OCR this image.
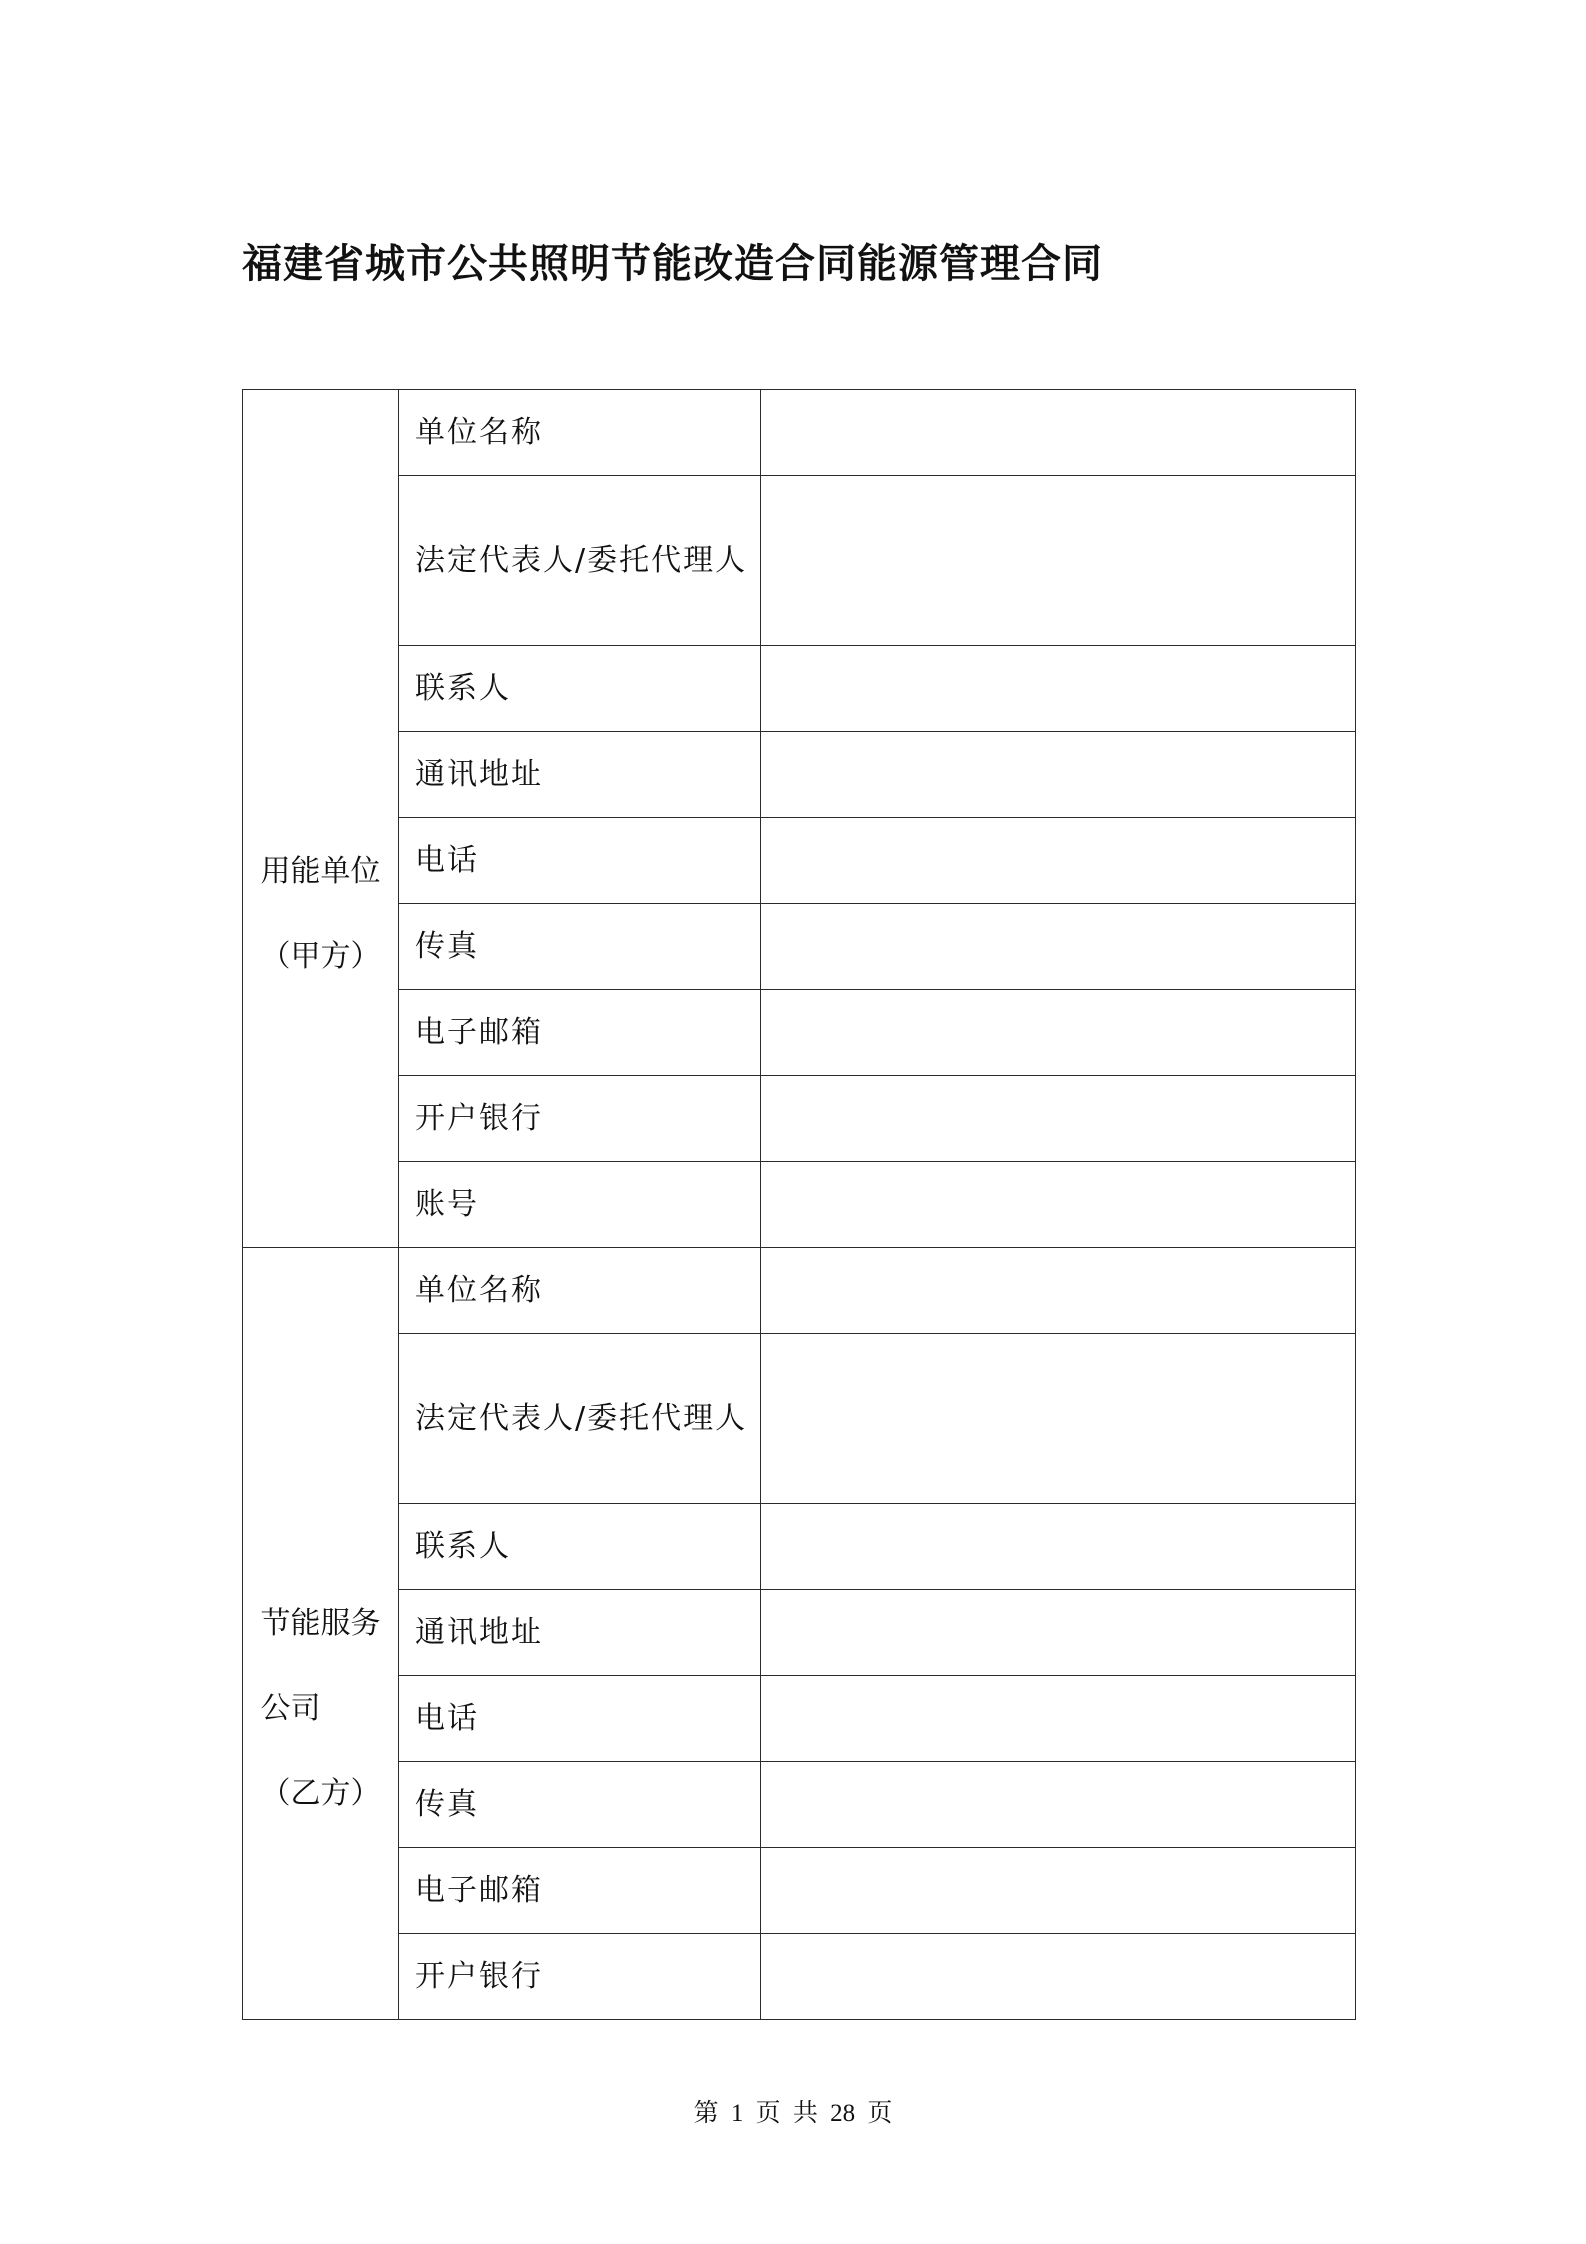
福建省城市公共照明节能改造合同能源管理合同
用能单位
（甲方）	单位名称	
	法定代表人/委托代理人	
	联系人	
	通讯地址	
	电话	
	传真	
	电子邮箱	
	开户银行	
	账号	

节能服务
公司
（乙方）	单位名称	
	法定代表人/委托代理人	
	联系人	
	通讯地址	
	电话	
	传真	
	电子邮箱	
	开户银行	
第 1 页 共 28 页
